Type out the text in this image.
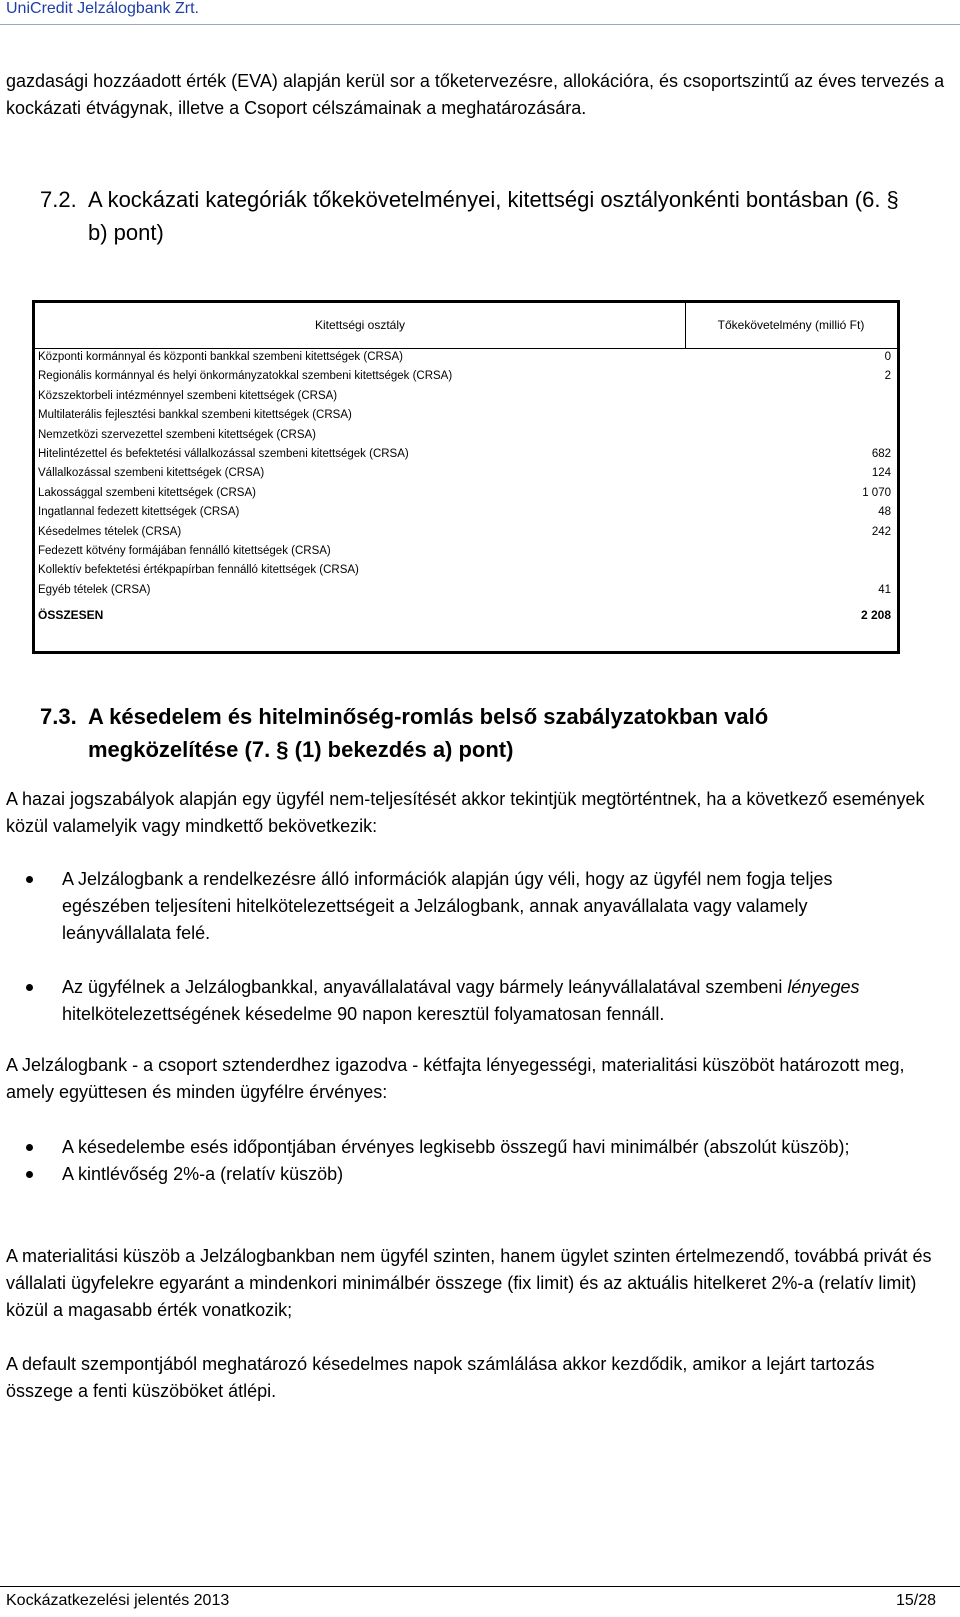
UniCredit Jelzálogbank Zrt.
gazdasági hozzáadott érték (EVA) alapján kerül sor a tőketervezésre, allokációra, és csoportszintű az éves tervezés a kockázati étvágynak, illetve a Csoport célszámainak a meghatározására.
7.2. A kockázati kategóriák tőkekövetelményei, kitettségi osztályonkénti bontásban (6. § b) pont)
Kitettségi osztály	Tőkekövetelmény (millió Ft)
Központi kormánnyal és központi bankkal szembeni kitettségek (CRSA)	0
Regionális kormánnyal és helyi önkormányzatokkal szembeni kitettségek (CRSA)	2
Közszektorbeli intézménnyel szembeni kitettségek (CRSA)
Multilaterális fejlesztési bankkal szembeni kitettségek (CRSA)
Nemzetközi szervezettel szembeni kitettségek (CRSA)
Hitelintézettel és befektetési vállalkozással szembeni kitettségek (CRSA)	682
Vállalkozással szembeni kitettségek (CRSA)	124
Lakossággal szembeni kitettségek (CRSA)	1 070
Ingatlannal fedezett kitettségek (CRSA)	48
Késedelmes tételek (CRSA)	242
Fedezett kötvény formájában fennálló kitettségek (CRSA)
Kollektív befektetési értékpapírban fennálló kitettségek (CRSA)
Egyéb tételek (CRSA)	41
ÖSSZESEN	2 208
7.3. A késedelem és hitelminőség-romlás belső szabályzatokban való megközelítése (7. § (1) bekezdés a) pont)
A hazai jogszabályok alapján egy ügyfél nem-teljesítését akkor tekintjük megtörténtnek, ha a következő események közül valamelyik vagy mindkettő bekövetkezik:
A Jelzálogbank a rendelkezésre álló információk alapján úgy véli, hogy az ügyfél nem fogja teljes egészében teljesíteni hitelkötelezettségeit a Jelzálogbank, annak anyavállalata vagy valamely leányvállalata felé.
Az ügyfélnek a Jelzálogbankkal, anyavállalatával vagy bármely leányvállalatával szembeni lényeges hitelkötelezettségének késedelme 90 napon keresztül folyamatosan fennáll.
A Jelzálogbank - a csoport sztenderdhez igazodva - kétfajta lényegességi, materialitási küszöböt határozott meg, amely együttesen és minden ügyfélre érvényes:
A késedelembe esés időpontjában érvényes legkisebb összegű havi minimálbér (abszolút küszöb);
A kintlévőség 2%-a (relatív küszöb)
A materialitási küszöb a Jelzálogbankban nem ügyfél szinten, hanem ügylet szinten értelmezendő, továbbá privát és vállalati ügyfelekre egyaránt a mindenkori minimálbér összege (fix limit) és az aktuális hitelkeret 2%-a (relatív limit) közül a magasabb érték vonatkozik;
A default szempontjából meghatározó késedelmes napok számlálása akkor kezdődik, amikor a lejárt tartozás összege a fenti küszöböket átlépi.
Kockázatkezelési jelentés 2013	15/28
